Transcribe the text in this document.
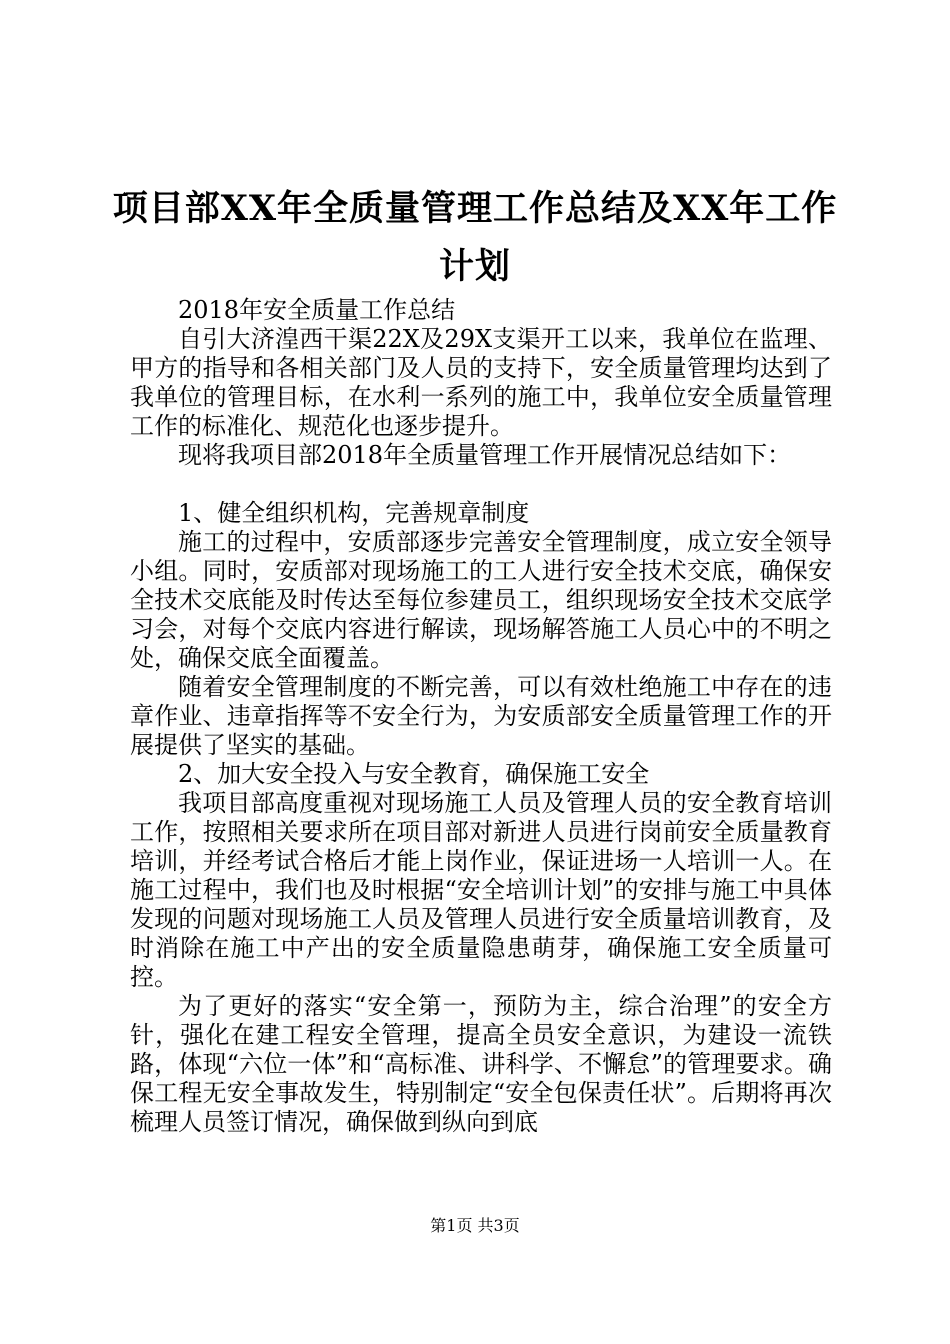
项目部XX年全质量管理工作总结及XX年工作计划

2018年安全质量工作总结

自引大济湟西干渠22X及29X支渠开工以来，我单位在监理、甲方的指导和各相关部门及人员的支持下，安全质量管理均达到了我单位的管理目标，在水利一系列的施工中，我单位安全质量管理工作的标准化、规范化也逐步提升。

现将我项目部2018年全质量管理工作开展情况总结如下：

1、健全组织机构，完善规章制度

施工的过程中，安质部逐步完善安全管理制度，成立安全领导小组。同时，安质部对现场施工的工人进行安全技术交底，确保安全技术交底能及时传达至每位参建员工，组织现场安全技术交底学习会，对每个交底内容进行解读，现场解答施工人员心中的不明之处，确保交底全面覆盖。

随着安全管理制度的不断完善，可以有效杜绝施工中存在的违章作业、违章指挥等不安全行为，为安质部安全质量管理工作的开展提供了坚实的基础。

2、加大安全投入与安全教育，确保施工安全

我项目部高度重视对现场施工人员及管理人员的安全教育培训工作，按照相关要求所在项目部对新进人员进行岗前安全质量教育培训，并经考试合格后才能上岗作业，保证进场一人培训一人。在施工过程中，我们也及时根据“安全培训计划”的安排与施工中具体发现的问题对现场施工人员及管理人员进行安全质量培训教育，及时消除在施工中产出的安全质量隐患萌芽，确保施工安全质量可控。

为了更好的落实“安全第一，预防为主，综合治理”的安全方针，强化在建工程安全管理，提高全员安全意识，为建设一流铁路，体现“六位一体”和“高标准、讲科学、不懈怠”的管理要求。确保工程无安全事故发生，特别制定“安全包保责任状”。后期将再次梳理人员签订情况，确保做到纵向到底

第1页 共3页
